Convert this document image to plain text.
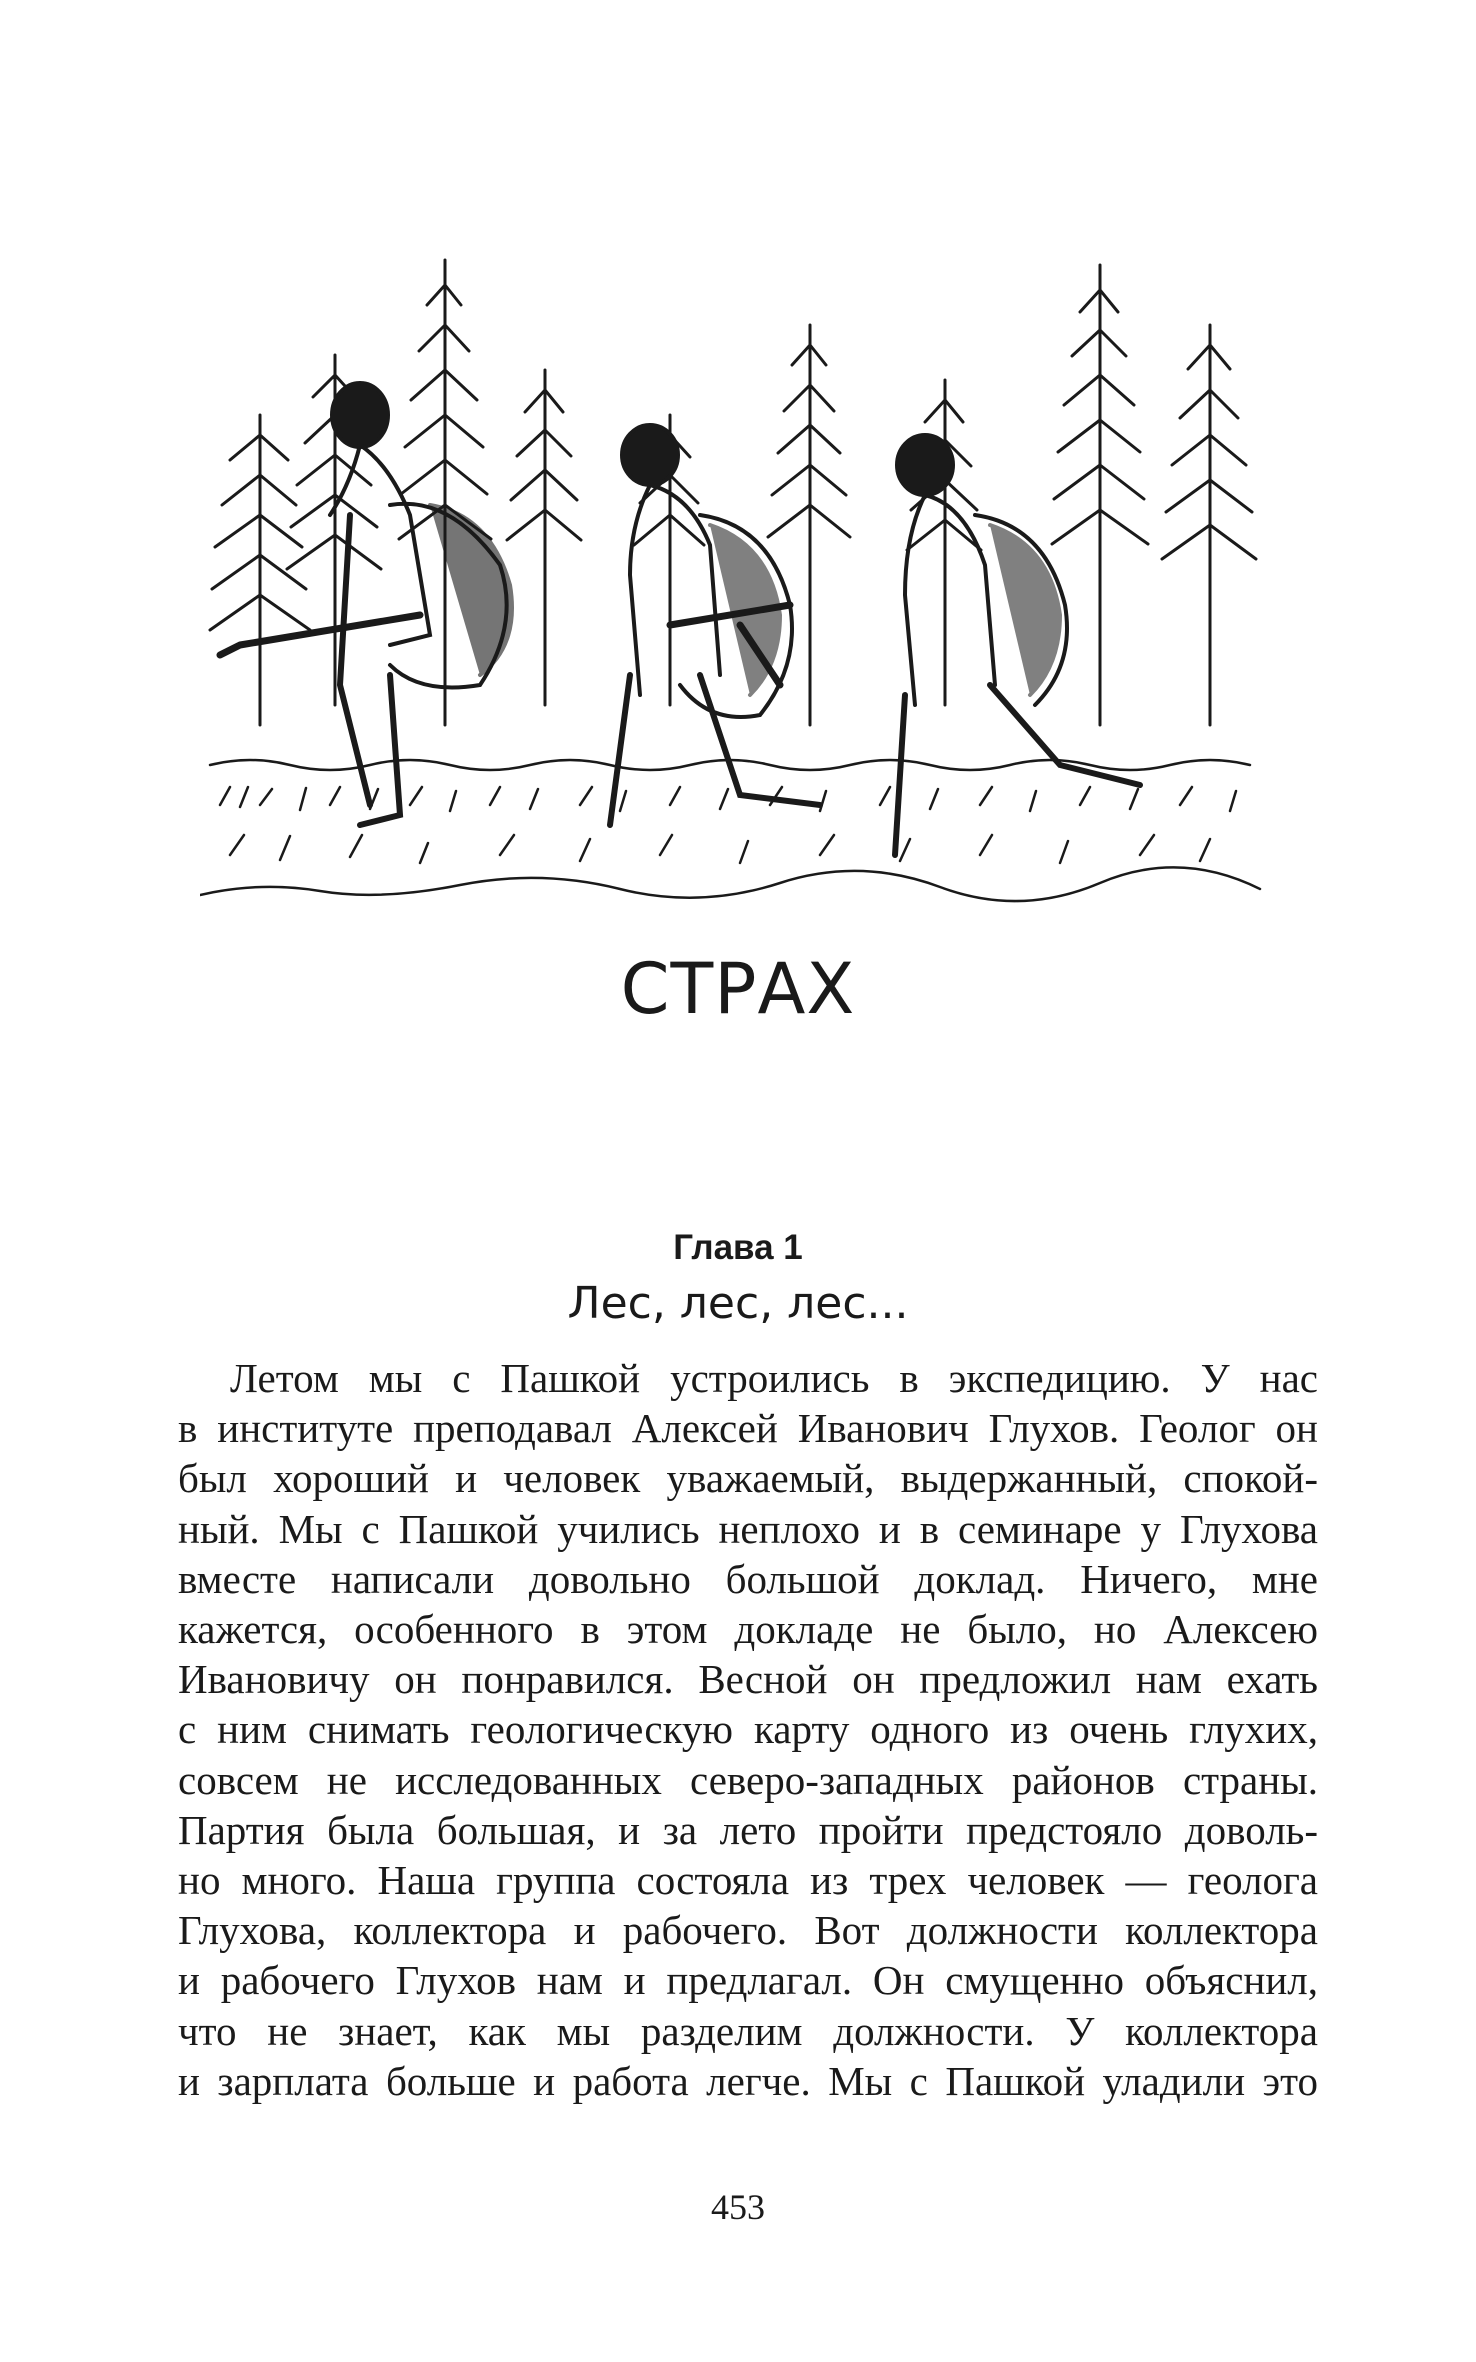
СТРАХ
Глава 1
Лес, лес, лес...
Летом мы с Пашкой устроились в экспедицию. У нас
в институте преподавал Алексей Иванович Глухов. Геолог он
был хороший и человек уважаемый, выдержанный, спокой-
ный. Мы с Пашкой учились неплохо и в семинаре у Глухова
вместе написали довольно большой доклад. Ничего, мне
кажется, особенного в этом докладе не было, но Алексею
Ивановичу он понравился. Весной он предложил нам ехать
с ним снимать геологическую карту одного из очень глухих,
совсем не исследованных северо-западных районов страны.
Партия была большая, и за лето пройти предстояло доволь-
но много. Наша группа состояла из трех человек — геолога
Глухова, коллектора и рабочего. Вот должности коллектора
и рабочего Глухов нам и предлагал. Он смущенно объяснил,
что не знает, как мы разделим должности. У коллектора
и зарплата больше и работа легче. Мы с Пашкой уладили это
453
